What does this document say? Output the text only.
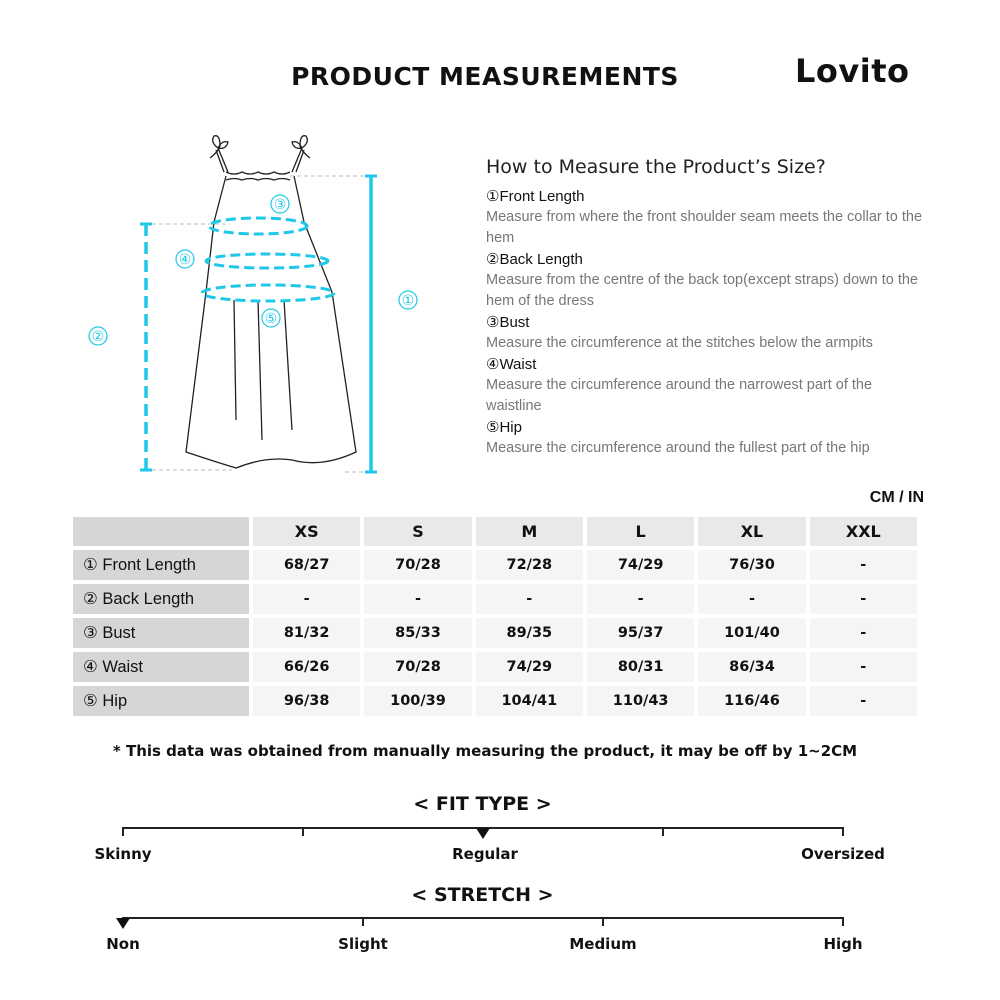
PRODUCT MEASUREMENTS	Lovito
①
②
③
④
⑤
How to Measure the Product’s Size?
①Front Length
Measure from where the front shoulder seam meets the collar to the hem
②Back Length
Measure from the centre of the back top(except straps) down to the hem of the dress
③Bust
Measure the circumference at the stitches below the armpits
④Waist
Measure the circumference around the narrowest part of the waistline
⑤Hip
Measure the circumference around the fullest part of the hip
CM / IN
	XS	S	M	L	XL	XXL
① Front Length	68/27	70/28	72/28	74/29	76/30	-
② Back Length	-	-	-	-	-	-
③ Bust	81/32	85/33	89/35	95/37	101/40	-
④ Waist	66/26	70/28	74/29	80/31	86/34	-
⑤ Hip	96/38	100/39	104/41	110/43	116/46	-
* This data was obtained from manually measuring the product, it may be off by 1~2CM
< FIT TYPE >
Skinny	Regular	Oversized
< STRETCH >
Non	Slight	Medium	High
